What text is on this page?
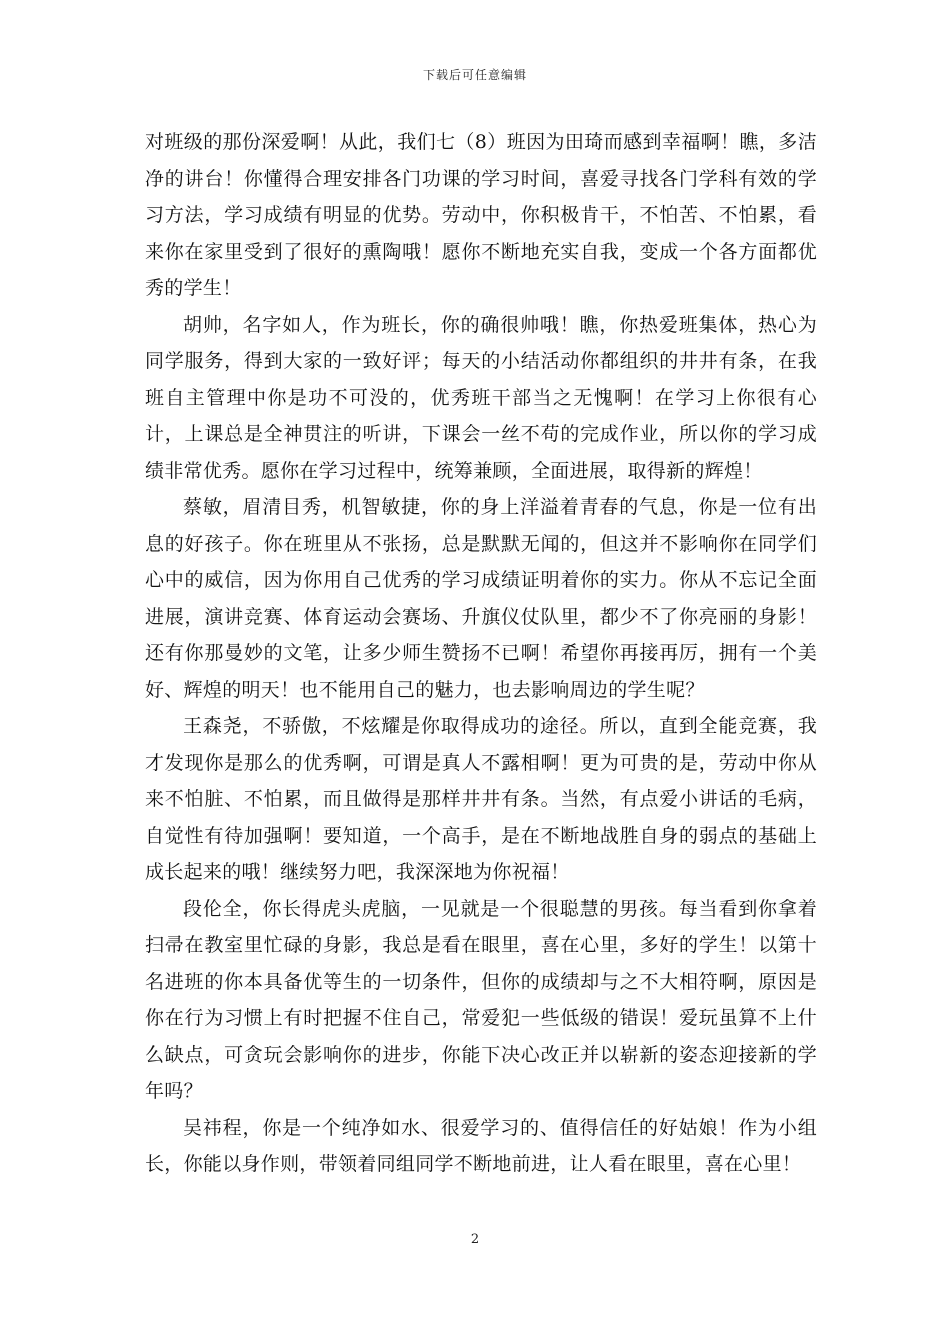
下载后可任意编辑

对班级的那份深爱啊！从此，我们七（8）班因为田琦而感到幸福啊！瞧，多洁净的讲台！你懂得合理安排各门功课的学习时间，喜爱寻找各门学科有效的学习方法，学习成绩有明显的优势。劳动中，你积极肯干，不怕苦、不怕累，看来你在家里受到了很好的熏陶哦！愿你不断地充实自我，变成一个各方面都优秀的学生！

胡帅，名字如人，作为班长，你的确很帅哦！瞧，你热爱班集体，热心为同学服务，得到大家的一致好评；每天的小结活动你都组织的井井有条，在我班自主管理中你是功不可没的，优秀班干部当之无愧啊！在学习上你很有心计，上课总是全神贯注的听讲，下课会一丝不苟的完成作业，所以你的学习成绩非常优秀。愿你在学习过程中，统筹兼顾，全面进展，取得新的辉煌！

蔡敏，眉清目秀，机智敏捷，你的身上洋溢着青春的气息，你是一位有出息的好孩子。你在班里从不张扬，总是默默无闻的，但这并不影响你在同学们心中的威信，因为你用自己优秀的学习成绩证明着你的实力。你从不忘记全面进展，演讲竞赛、体育运动会赛场、升旗仪仗队里，都少不了你亮丽的身影！还有你那曼妙的文笔，让多少师生赞扬不已啊！希望你再接再厉，拥有一个美好、辉煌的明天！也不能用自己的魅力，也去影响周边的学生呢？

王森尧，不骄傲，不炫耀是你取得成功的途径。所以，直到全能竞赛，我才发现你是那么的优秀啊，可谓是真人不露相啊！更为可贵的是，劳动中你从来不怕脏、不怕累，而且做得是那样井井有条。当然，有点爱小讲话的毛病，自觉性有待加强啊！要知道，一个高手，是在不断地战胜自身的弱点的基础上成长起来的哦！继续努力吧，我深深地为你祝福！

段伦全，你长得虎头虎脑，一见就是一个很聪慧的男孩。每当看到你拿着扫帚在教室里忙碌的身影，我总是看在眼里，喜在心里，多好的学生！以第十名进班的你本具备优等生的一切条件，但你的成绩却与之不大相符啊，原因是你在行为习惯上有时把握不住自己，常爱犯一些低级的错误！爱玩虽算不上什么缺点，可贪玩会影响你的进步，你能下决心改正并以崭新的姿态迎接新的学年吗？

吴祎程，你是一个纯净如水、很爱学习的、值得信任的好姑娘！作为小组长，你能以身作则，带领着同组同学不断地前进，让人看在眼里，喜在心里！

2
